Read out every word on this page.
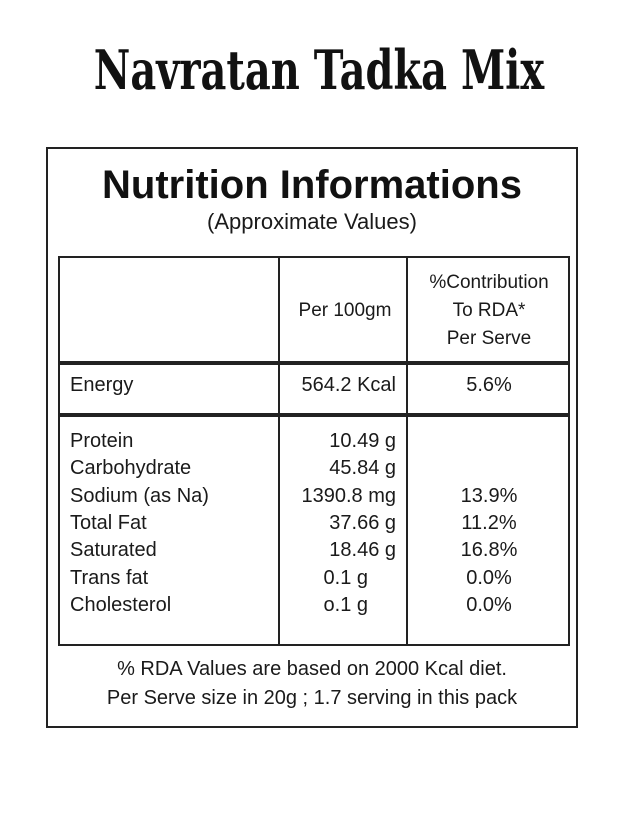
Navratan Tadka Mix
Nutrition Informations
(Approximate Values)
Per 100gm
%Contribution
To RDA*
Per Serve
Energy	564.2 Kcal	5.6%
Protein	10.49 g
Carbohydrate	45.84 g
Sodium (as Na)	1390.8 mg	13.9%
Total Fat	37.66 g	11.2%
Saturated	18.46 g	16.8%
Trans fat	0.1 g	0.0%
Cholesterol	o.1 g	0.0%
% RDA Values are based on 2000 Kcal diet.
Per Serve size in 20g ; 1.7 serving in this pack
